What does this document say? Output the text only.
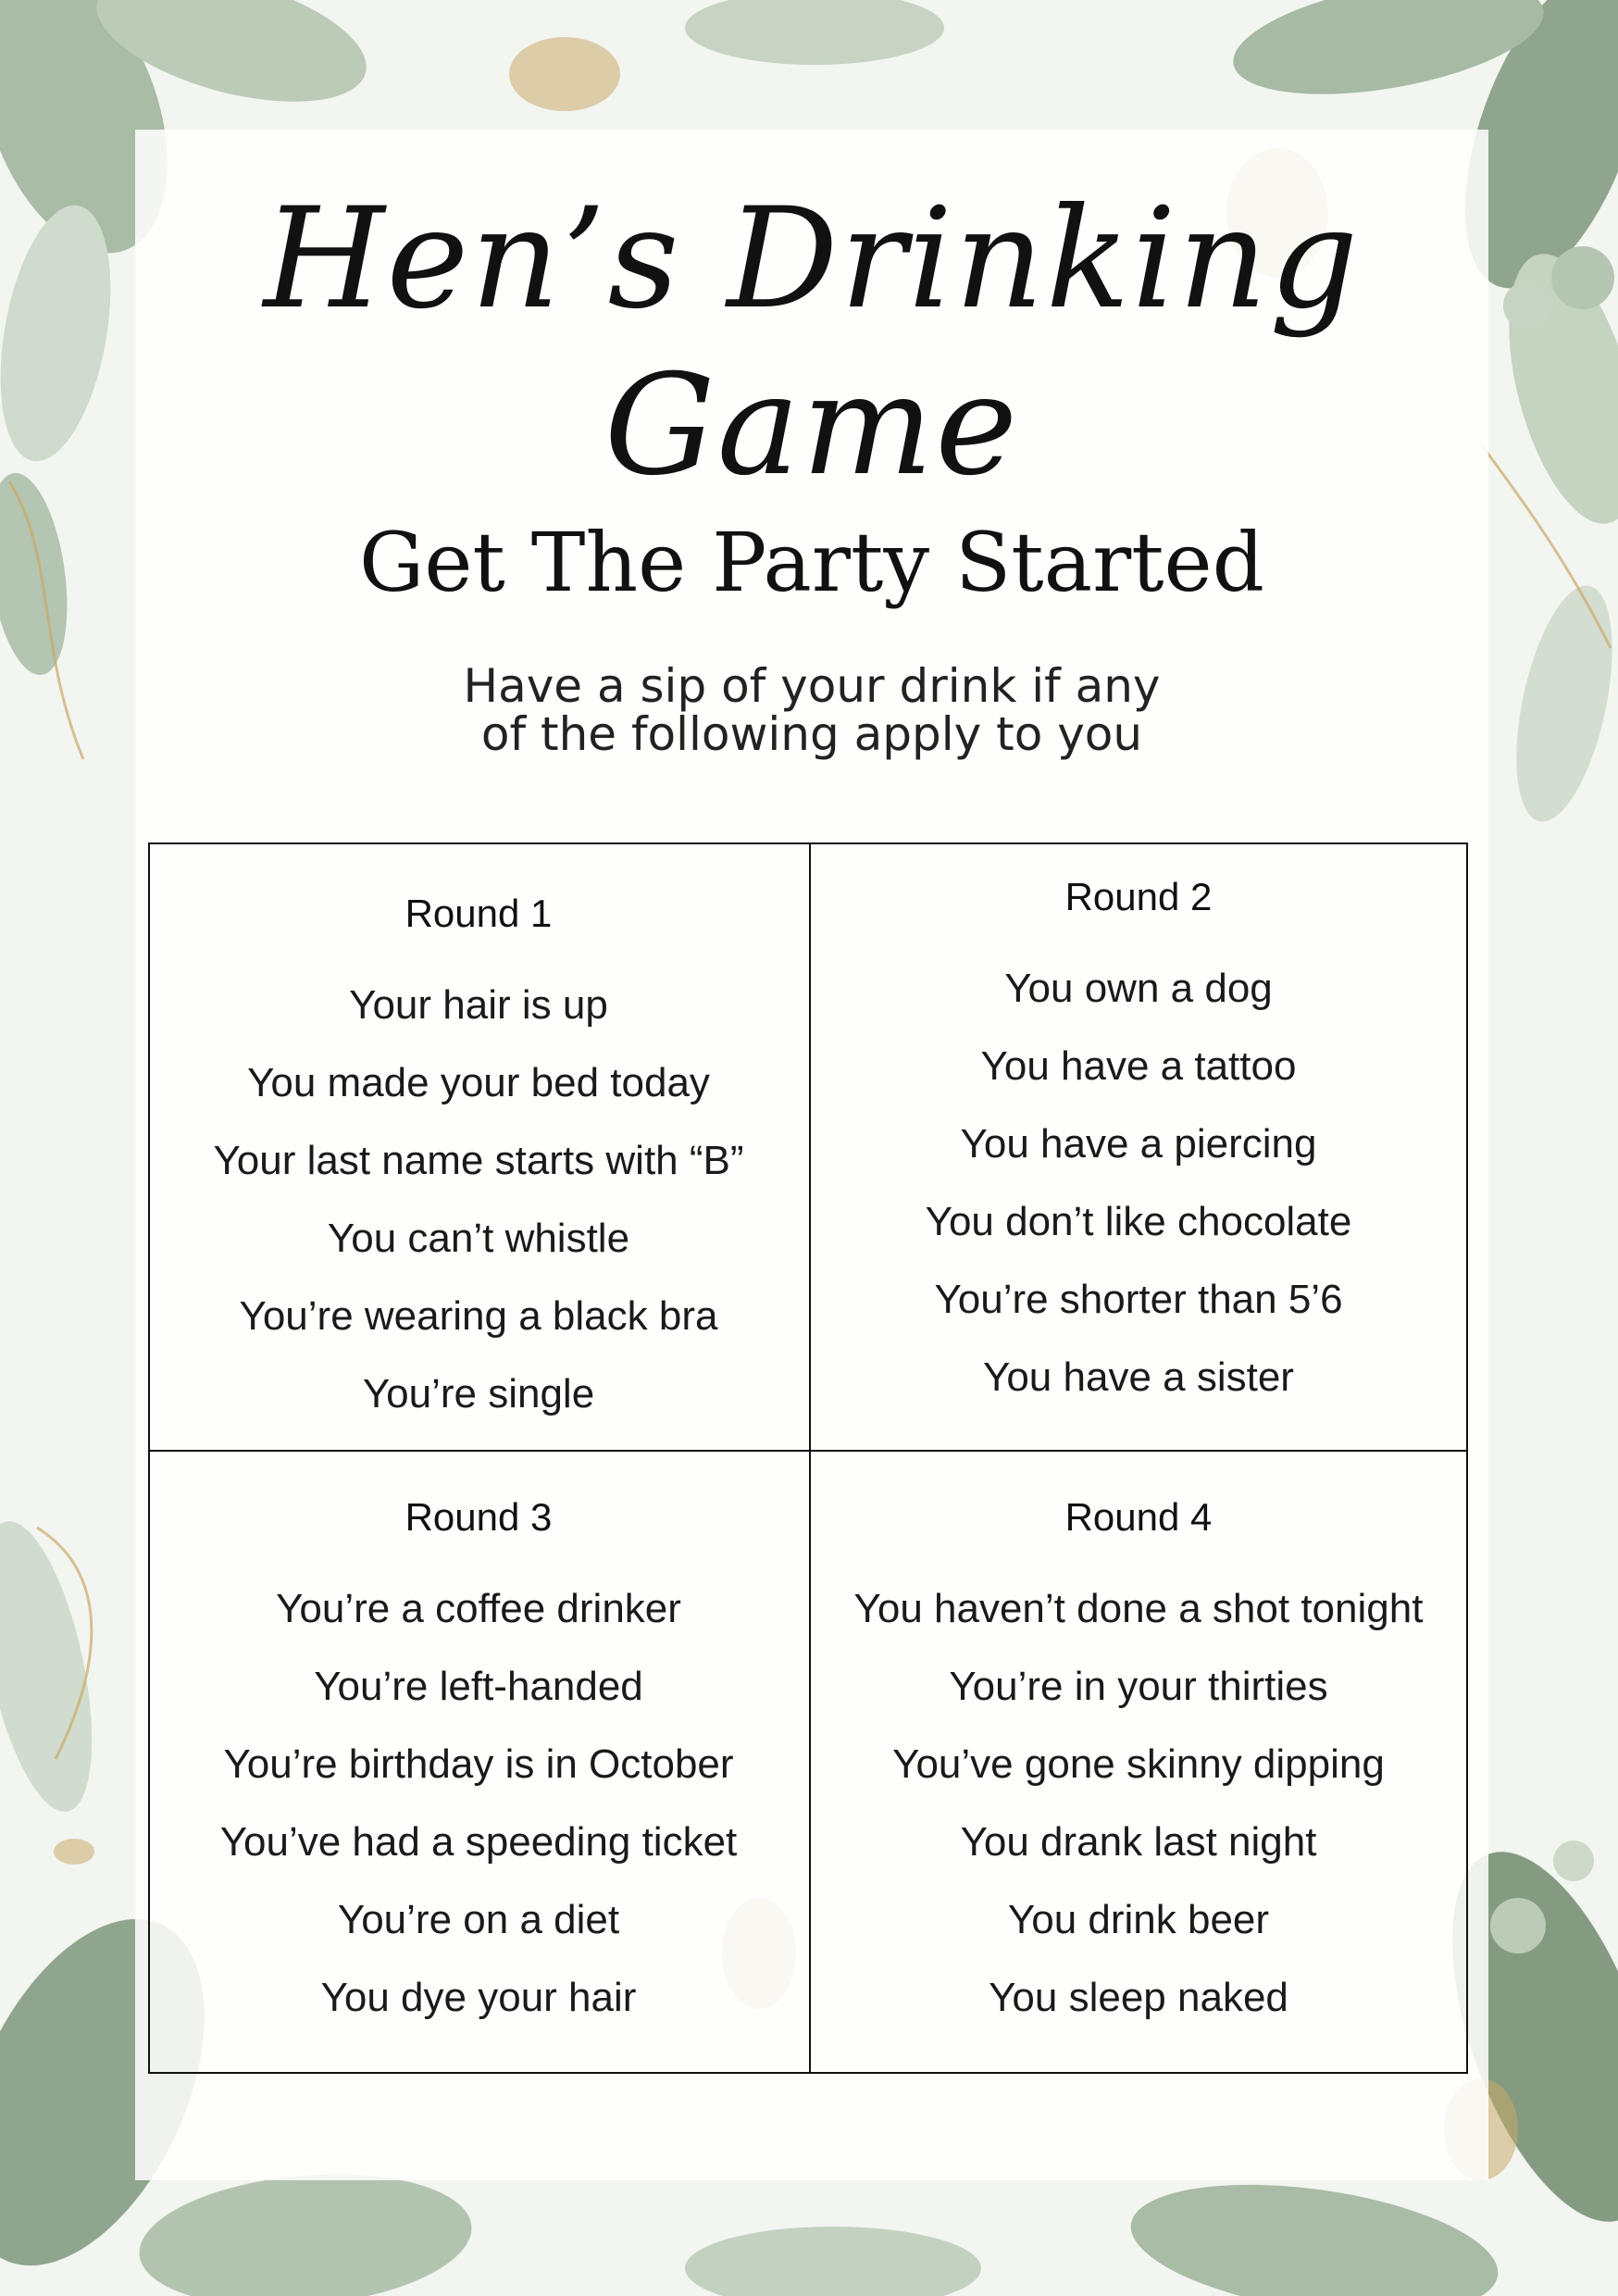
Hen’s Drinking Game
Get The Party Started
Have a sip of your drink if any
of the following apply to you
Round 1
Your hair is up
You made your bed today
Your last name starts with “B”
You can’t whistle
You’re wearing a black bra
You’re single
Round 2
You own a dog
You have a tattoo
You have a piercing
You don’t like chocolate
You’re shorter than 5’6
You have a sister
Round 3
You’re a coffee drinker
You’re left-handed
You’re birthday is in October
You’ve had a speeding ticket
You’re on a diet
You dye your hair
Round 4
You haven’t done a shot tonight
You’re in your thirties
You’ve gone skinny dipping
You drank last night
You drink beer
You sleep naked
